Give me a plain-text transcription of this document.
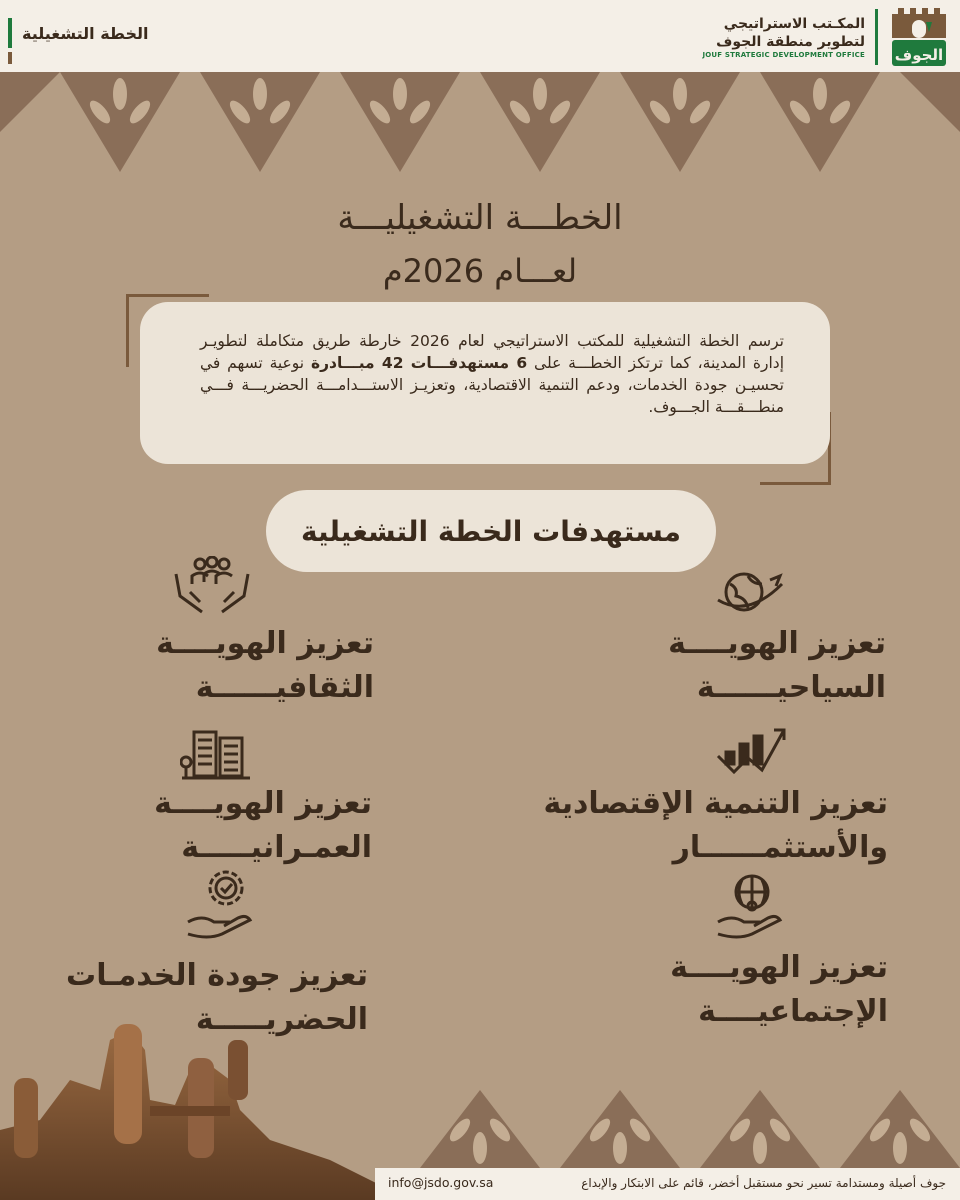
الخطة التشغيلية	المكـتب الاستراتيجي
لتطوير منطقة الجوف
JOUF STRATEGIC DEVELOPMENT OFFICE الجوف
الخطـــة التشغيليـــة
لعـــام 2026م
ترسم الخطة التشغيلية للمكتب الاستراتيجي لعام 2026 خارطة طريق متكاملة لتطويـر إدارة المدينة، كما ترتكز الخطـــة على 6 مستهدفـــات 42 مبـــادرة نوعية تسهم في تحسيـن جودة الخدمات، ودعم التنمية الاقتصادية، وتعزيـز الاستـــدامـــة الحضريـــة فـــي منطـــقـــة الجـــوف.
مستهدفات الخطة التشغيلية
تعزيز الهويــــة
السياحيــــــة
تعزيز الهويــــة
الثقافيــــــة
تعزيز التنمية الإقتصادية
والأستثمــــــار
تعزيز الهويــــة
العمـرانيـــــة
تعزيز الهويــــة
الإجتماعيــــة
تعزيز جودة الخدمـات
الحضريـــــة
جوف أصيلة ومستدامة تسير نحو مستقبل أخضر، قائم على الابتكار والإبداع
info@jsdo.gov.sa
